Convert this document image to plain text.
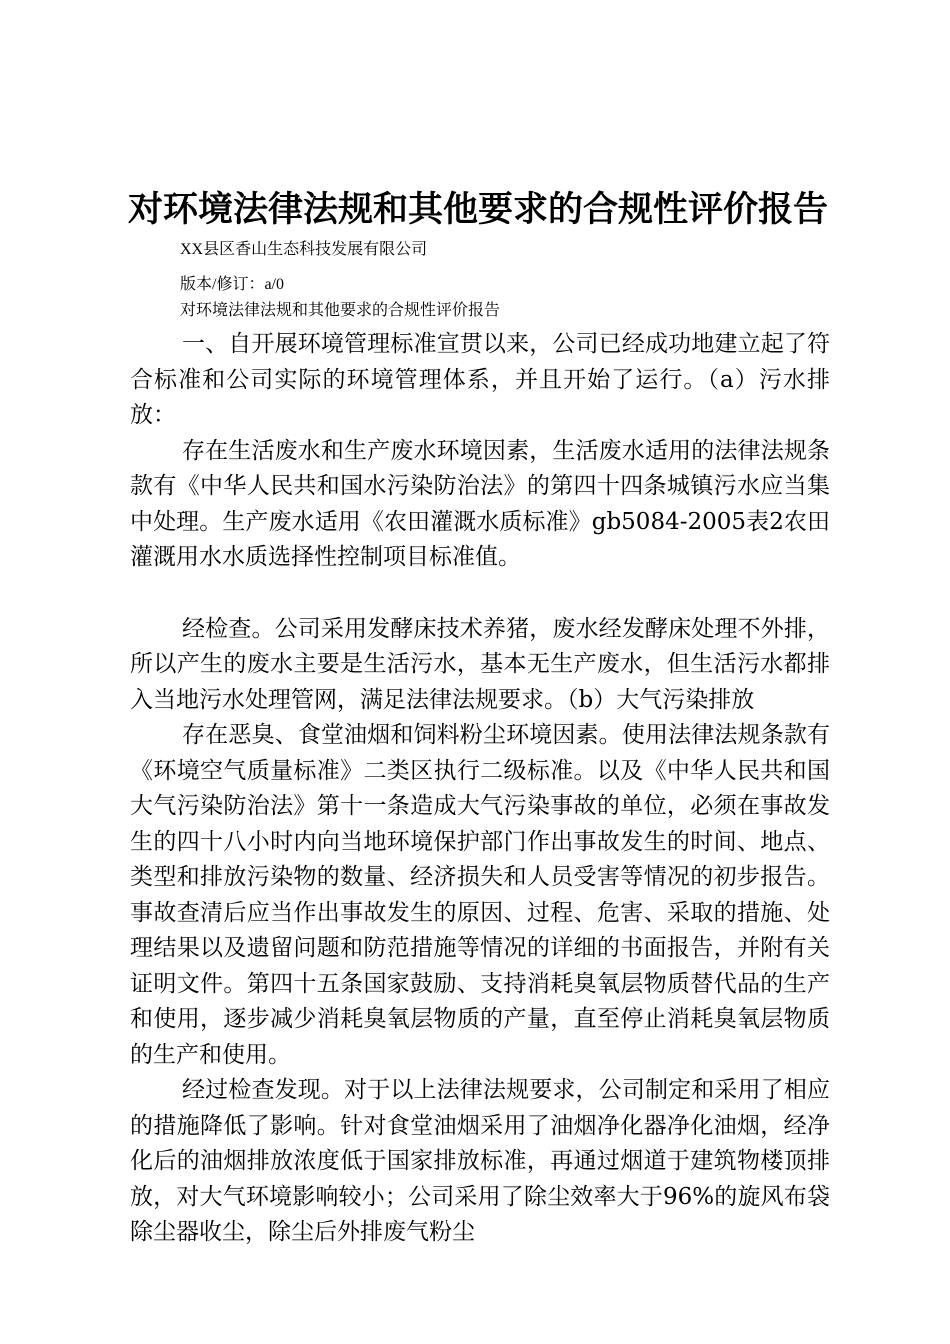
对环境法律法规和其他要求的合规性评价报告
XX县区香山生态科技发展有限公司
版本/修订：a/0
对环境法律法规和其他要求的合规性评价报告

一、自开展环境管理标准宣贯以来，公司已经成功地建立起了符合标准和公司实际的环境管理体系，并且开始了运行。（a）污水排放：

存在生活废水和生产废水环境因素，生活废水适用的法律法规条款有《中华人民共和国水污染防治法》的第四十四条城镇污水应当集中处理。生产废水适用《农田灌溉水质标准》gb5084-2005表2农田灌溉用水水质选择性控制项目标准值。

经检查。公司采用发酵床技术养猪，废水经发酵床处理不外排，所以产生的废水主要是生活污水，基本无生产废水，但生活污水都排入当地污水处理管网，满足法律法规要求。（b）大气污染排放

存在恶臭、食堂油烟和饲料粉尘环境因素。使用法律法规条款有《环境空气质量标准》二类区执行二级标准。以及《中华人民共和国大气污染防治法》第十一条造成大气污染事故的单位，必须在事故发生的四十八小时内向当地环境保护部门作出事故发生的时间、地点、类型和排放污染物的数量、经济损失和人员受害等情况的初步报告。事故查清后应当作出事故发生的原因、过程、危害、采取的措施、处理结果以及遗留问题和防范措施等情况的详细的书面报告，并附有关证明文件。第四十五条国家鼓励、支持消耗臭氧层物质替代品的生产和使用，逐步减少消耗臭氧层物质的产量，直至停止消耗臭氧层物质的生产和使用。

经过检查发现。对于以上法律法规要求，公司制定和采用了相应的措施降低了影响。针对食堂油烟采用了油烟净化器净化油烟，经净化后的油烟排放浓度低于国家排放标准，再通过烟道于建筑物楼顶排放，对大气环境影响较小；公司采用了除尘效率大于96%的旋风布袋除尘器收尘，除尘后外排废气粉尘
